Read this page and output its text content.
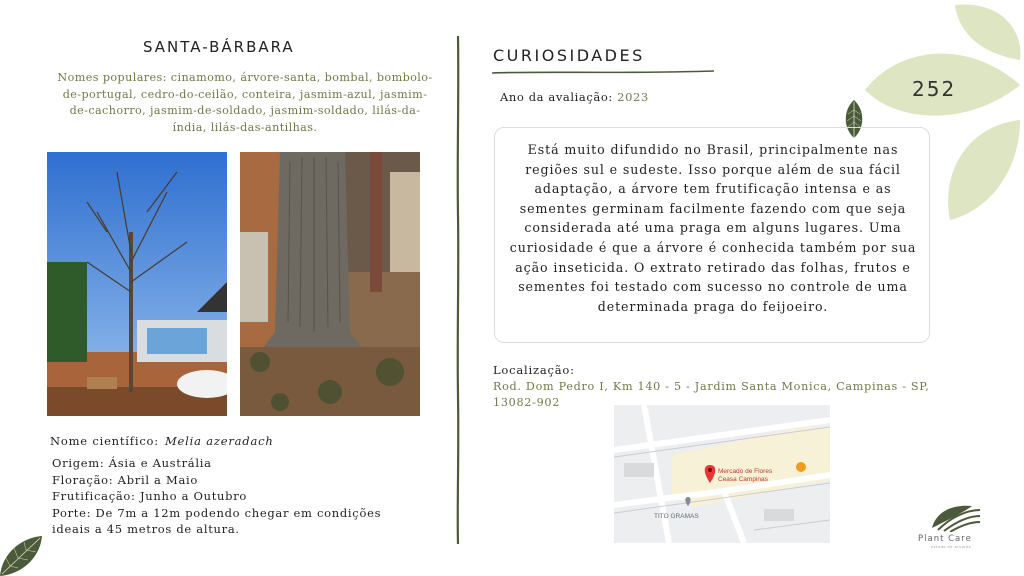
SANTA-BÁRBARA
Nomes populares: cinamomo, árvore-santa, bombal, bombolo-de-portugal, cedro-do-ceilão, conteira, jasmim-azul, jasmim-de-cachorro, jasmim-de-soldado, jasmim-soldado, lilás-da-índia, lilás-das-antilhas.
Nome científico: Melia azeradach
Origem: Ásia e Austrália
Floração: Abril a Maio
Frutificação: Junho a Outubro
Porte: De 7m a 12m podendo chegar em condições ideais a 45 metros de altura.
CURIOSIDADES
Ano da avaliação: 2023	252
Está muito difundido no Brasil, principalmente nas regiões sul e sudeste. Isso porque além de sua fácil adaptação, a árvore tem frutificação intensa e as sementes germinam facilmente fazendo com que seja considerada até uma praga em alguns lugares. Uma curiosidade é que a árvore é conhecida também por sua ação inseticida. O extrato retirado das folhas, frutos e sementes foi testado com sucesso no controle de uma determinada praga do feijoeiro.
Localização:
Rod. Dom Pedro I, Km 140 - 5 - Jardim Santa Monica, Campinas - SP, 13082-902
Mercado de Flores
Ceasa Campinas
TITO GRAMAS
Plant Care
estudo de arvores
